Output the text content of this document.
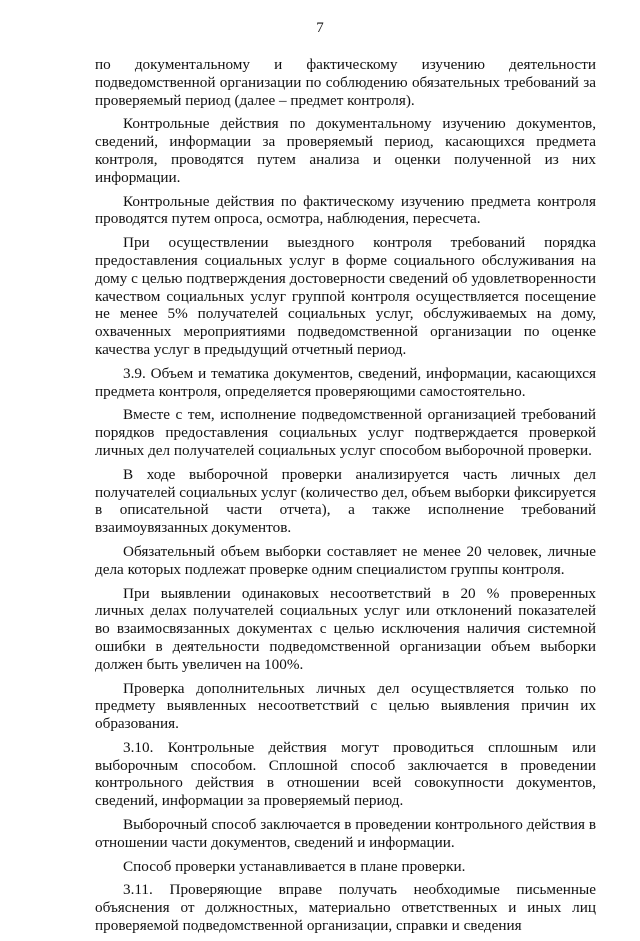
7

по документальному и фактическому изучению деятельности подведомственной организации по соблюдению обязательных требований за проверяемый период (далее – предмет контроля).

Контрольные действия по документальному изучению документов, сведений, информации за проверяемый период, касающихся предмета контроля, проводятся путем анализа и оценки полученной из них информации.

Контрольные действия по фактическому изучению предмета контроля проводятся путем опроса, осмотра, наблюдения, пересчета.

При осуществлении выездного контроля требований порядка предоставления социальных услуг в форме социального обслуживания на дому с целью подтверждения достоверности сведений об удовлетворенности качеством социальных услуг группой контроля осуществляется посещение не менее 5% получателей социальных услуг, обслуживаемых на дому, охваченных мероприятиями подведомственной организации по оценке качества услуг в предыдущий отчетный период.

3.9. Объем и тематика документов, сведений, информации, касающихся предмета контроля, определяется проверяющими самостоятельно.

Вместе с тем, исполнение подведомственной организацией требований порядков предоставления социальных услуг подтверждается проверкой личных дел получателей социальных услуг способом выборочной проверки.

В ходе выборочной проверки анализируется часть личных дел получателей социальных услуг (количество дел, объем выборки фиксируется в описательной части отчета), а также исполнение требований взаимоувязанных документов.

Обязательный объем выборки составляет не менее 20 человек, личные дела которых подлежат проверке одним специалистом группы контроля.

При выявлении одинаковых несоответствий в 20 % проверенных личных делах получателей социальных услуг или отклонений показателей во взаимосвязанных документах с целью исключения наличия системной ошибки в деятельности подведомственной организации объем выборки должен быть увеличен на 100%.

Проверка дополнительных личных дел осуществляется только по предмету выявленных несоответствий с целью выявления причин их образования.

3.10. Контрольные действия могут проводиться сплошным или выборочным способом. Сплошной способ заключается в проведении контрольного действия в отношении всей совокупности документов, сведений, информации за проверяемый период.

Выборочный способ заключается в проведении контрольного действия в отношении части документов, сведений и информации.

Способ проверки устанавливается в плане проверки.

3.11. Проверяющие вправе получать необходимые письменные объяснения от должностных, материально ответственных и иных лиц проверяемой подведомственной организации, справки и сведения
